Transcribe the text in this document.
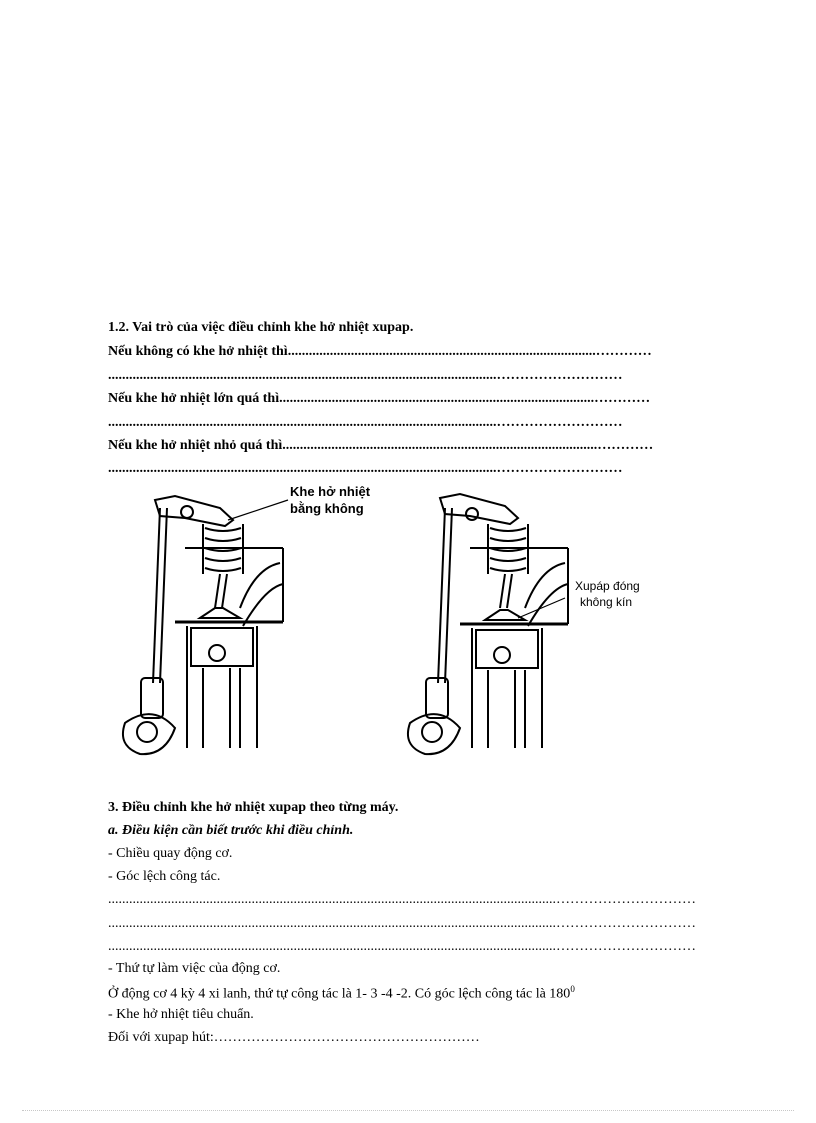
1.2. Vai trò của việc điều chỉnh khe hở nhiệt xupap.
Nếu không có khe hở nhiệt thì........................................................................................…………
...............................................................................................................………………………
Nếu khe hở nhiệt lớn quá thì..........................................................................................…………
...............................................................................................................………………………
Nếu khe hở nhiệt nhỏ quá thì..........................................................................................…………
...............................................................................................................………………………
Khe hở nhiệt
bằng không
Xupáp đóng
không kín
3. Điều chỉnh khe hở nhiệt xupap theo từng máy.
a. Điều kiện cần biết trước khi điều chỉnh.
- Chiều quay động cơ.
- Góc lệch công tác.
................................................................................................................................…………………………
................................................................................................................................…………………………
................................................................................................................................…………………………
- Thứ tự làm việc của động cơ.
Ở động cơ 4 kỳ 4 xi lanh, thứ tự công tác là 1- 3 -4 -2. Có góc lệch công tác là $180^0$
- Khe hở nhiệt tiêu chuẩn.
Đối với xupap hút:…………………………………………………
